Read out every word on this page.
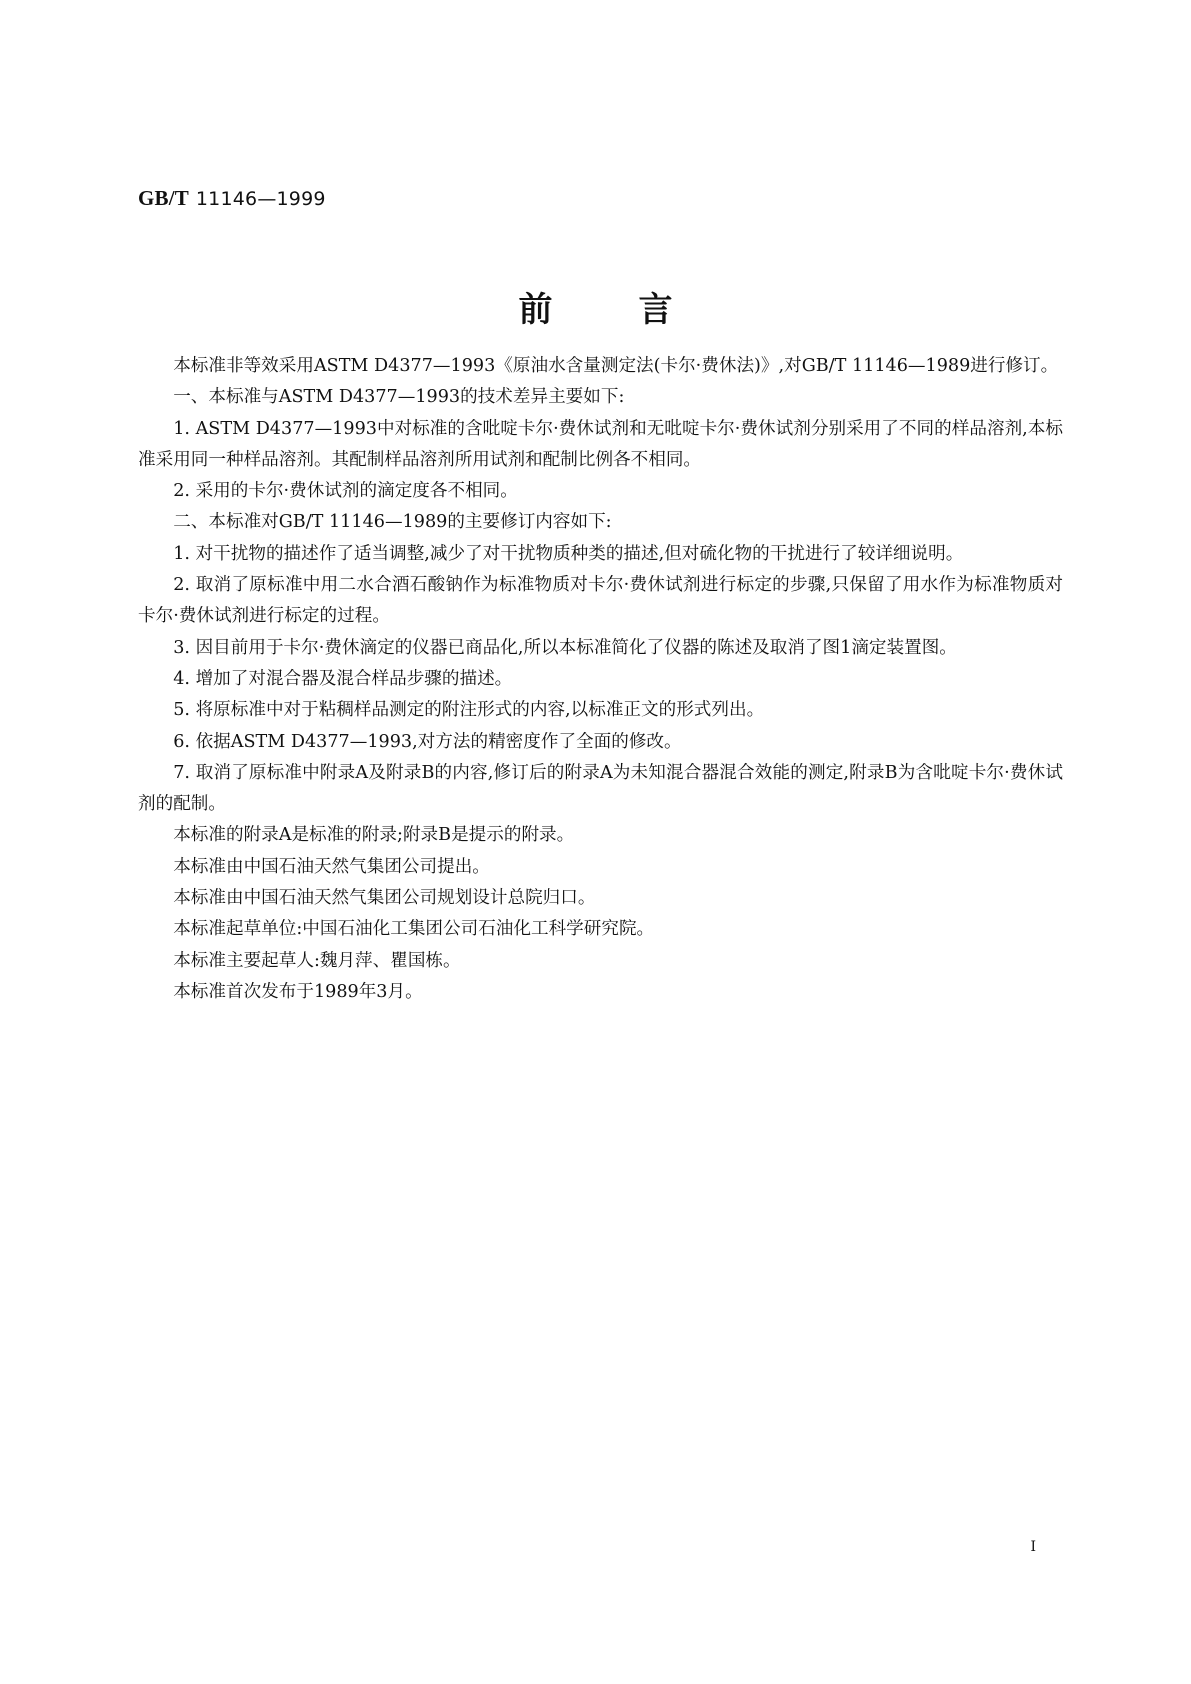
GB/T 11146—1999
前言

本标准非等效采用ASTM D4377—1993《原油水含量测定法(卡尔·费休法)》,对GB/T 11146—1989进行修订。

一、本标准与ASTM D4377—1993的技术差异主要如下:

1. ASTM D4377—1993中对标准的含吡啶卡尔·费休试剂和无吡啶卡尔·费休试剂分别采用了不同的样品溶剂,本标准采用同一种样品溶剂。其配制样品溶剂所用试剂和配制比例各不相同。

2. 采用的卡尔·费休试剂的滴定度各不相同。

二、本标准对GB/T 11146—1989的主要修订内容如下:

1. 对干扰物的描述作了适当调整,减少了对干扰物质种类的描述,但对硫化物的干扰进行了较详细说明。

2. 取消了原标准中用二水合酒石酸钠作为标准物质对卡尔·费休试剂进行标定的步骤,只保留了用水作为标准物质对卡尔·费休试剂进行标定的过程。

3. 因目前用于卡尔·费休滴定的仪器已商品化,所以本标准简化了仪器的陈述及取消了图1滴定装置图。

4. 增加了对混合器及混合样品步骤的描述。

5. 将原标准中对于粘稠样品测定的附注形式的内容,以标准正文的形式列出。

6. 依据ASTM D4377—1993,对方法的精密度作了全面的修改。

7. 取消了原标准中附录A及附录B的内容,修订后的附录A为未知混合器混合效能的测定,附录B为含吡啶卡尔·费休试剂的配制。

本标准的附录A是标准的附录;附录B是提示的附录。

本标准由中国石油天然气集团公司提出。

本标准由中国石油天然气集团公司规划设计总院归口。

本标准起草单位:中国石油化工集团公司石油化工科学研究院。

本标准主要起草人:魏月萍、瞿国栋。

本标准首次发布于1989年3月。

I
